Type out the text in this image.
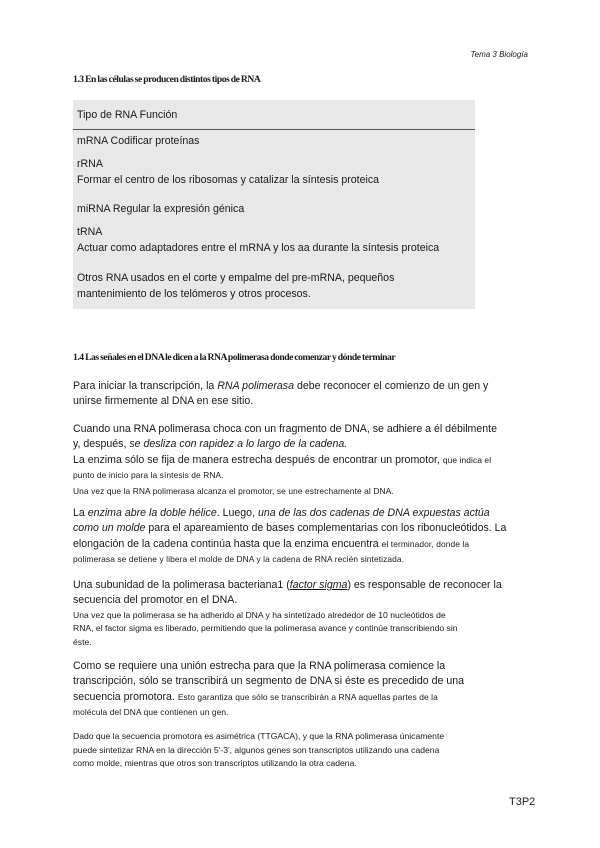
Tema 3 Biología
1.3 En las células se producen distintos tipos de RNA
Tipo de RNA Función
mRNA Codificar proteínas
rRNA
Formar el centro de los ribosomas y catalizar la síntesis proteica
miRNA Regular la expresión génica
tRNA
Actuar como adaptadores entre el mRNA y los aa durante la síntesis proteica
Otros RNA usados en el corte y empalme del pre-mRNA, pequeños
mantenimiento de los telómeros y otros procesos.
1.4 Las señales en el DNA le dicen a la RNA polimerasa donde comenzar y dónde terminar
Para iniciar la transcripción, la RNA polimerasa debe reconocer el comienzo de un gen y
unirse firmemente al DNA en ese sitio.
Cuando una RNA polimerasa choca con un fragmento de DNA, se adhiere a él débilmente
y, después, se desliza con rapidez a lo largo de la cadena.
La enzima sólo se fija de manera estrecha después de encontrar un promotor, que indica el
punto de inicio para la síntesis de RNA.
Una vez que la RNA polimerasa alcanza el promotor, se une estrechamente al DNA.
La enzima abre la doble hélice. Luego, una de las dos cadenas de DNA expuestas actúa
como un molde para el apareamiento de bases complementarias con los ribonucleótidos. La
elongación de la cadena continúa hasta que la enzima encuentra el terminador, donde la
polimerasa se detiene y libera el molde de DNA y la cadena de RNA recién sintetizada.
Una subunidad de la polimerasa bacteriana1 (factor sigma) es responsable de reconocer la
secuencia del promotor en el DNA.
Una vez que la polimerasa se ha adherido al DNA y ha sintetizado alrededor de 10 nucleótidos de
RNA, el factor sigma es liberado, permitiendo que la polimerasa avance y continúe transcribiendo sin
éste.
Como se requiere una unión estrecha para que la RNA polimerasa comience la
transcripción, sólo se transcribirá un segmento de DNA si éste es precedido de una
secuencia promotora. Esto garantiza que sólo se transcribirán a RNA aquellas partes de la
molécula del DNA que contienen un gen.
Dado que la secuencia promotora es asimétrica (TTGACA), y que la RNA polimerasa únicamente
puede sintetizar RNA en la dirección 5'-3', algunos genes son transcriptos utilizando una cadena
como molde, mientras que otros son transcriptos utilizando la otra cadena.
T3P2
